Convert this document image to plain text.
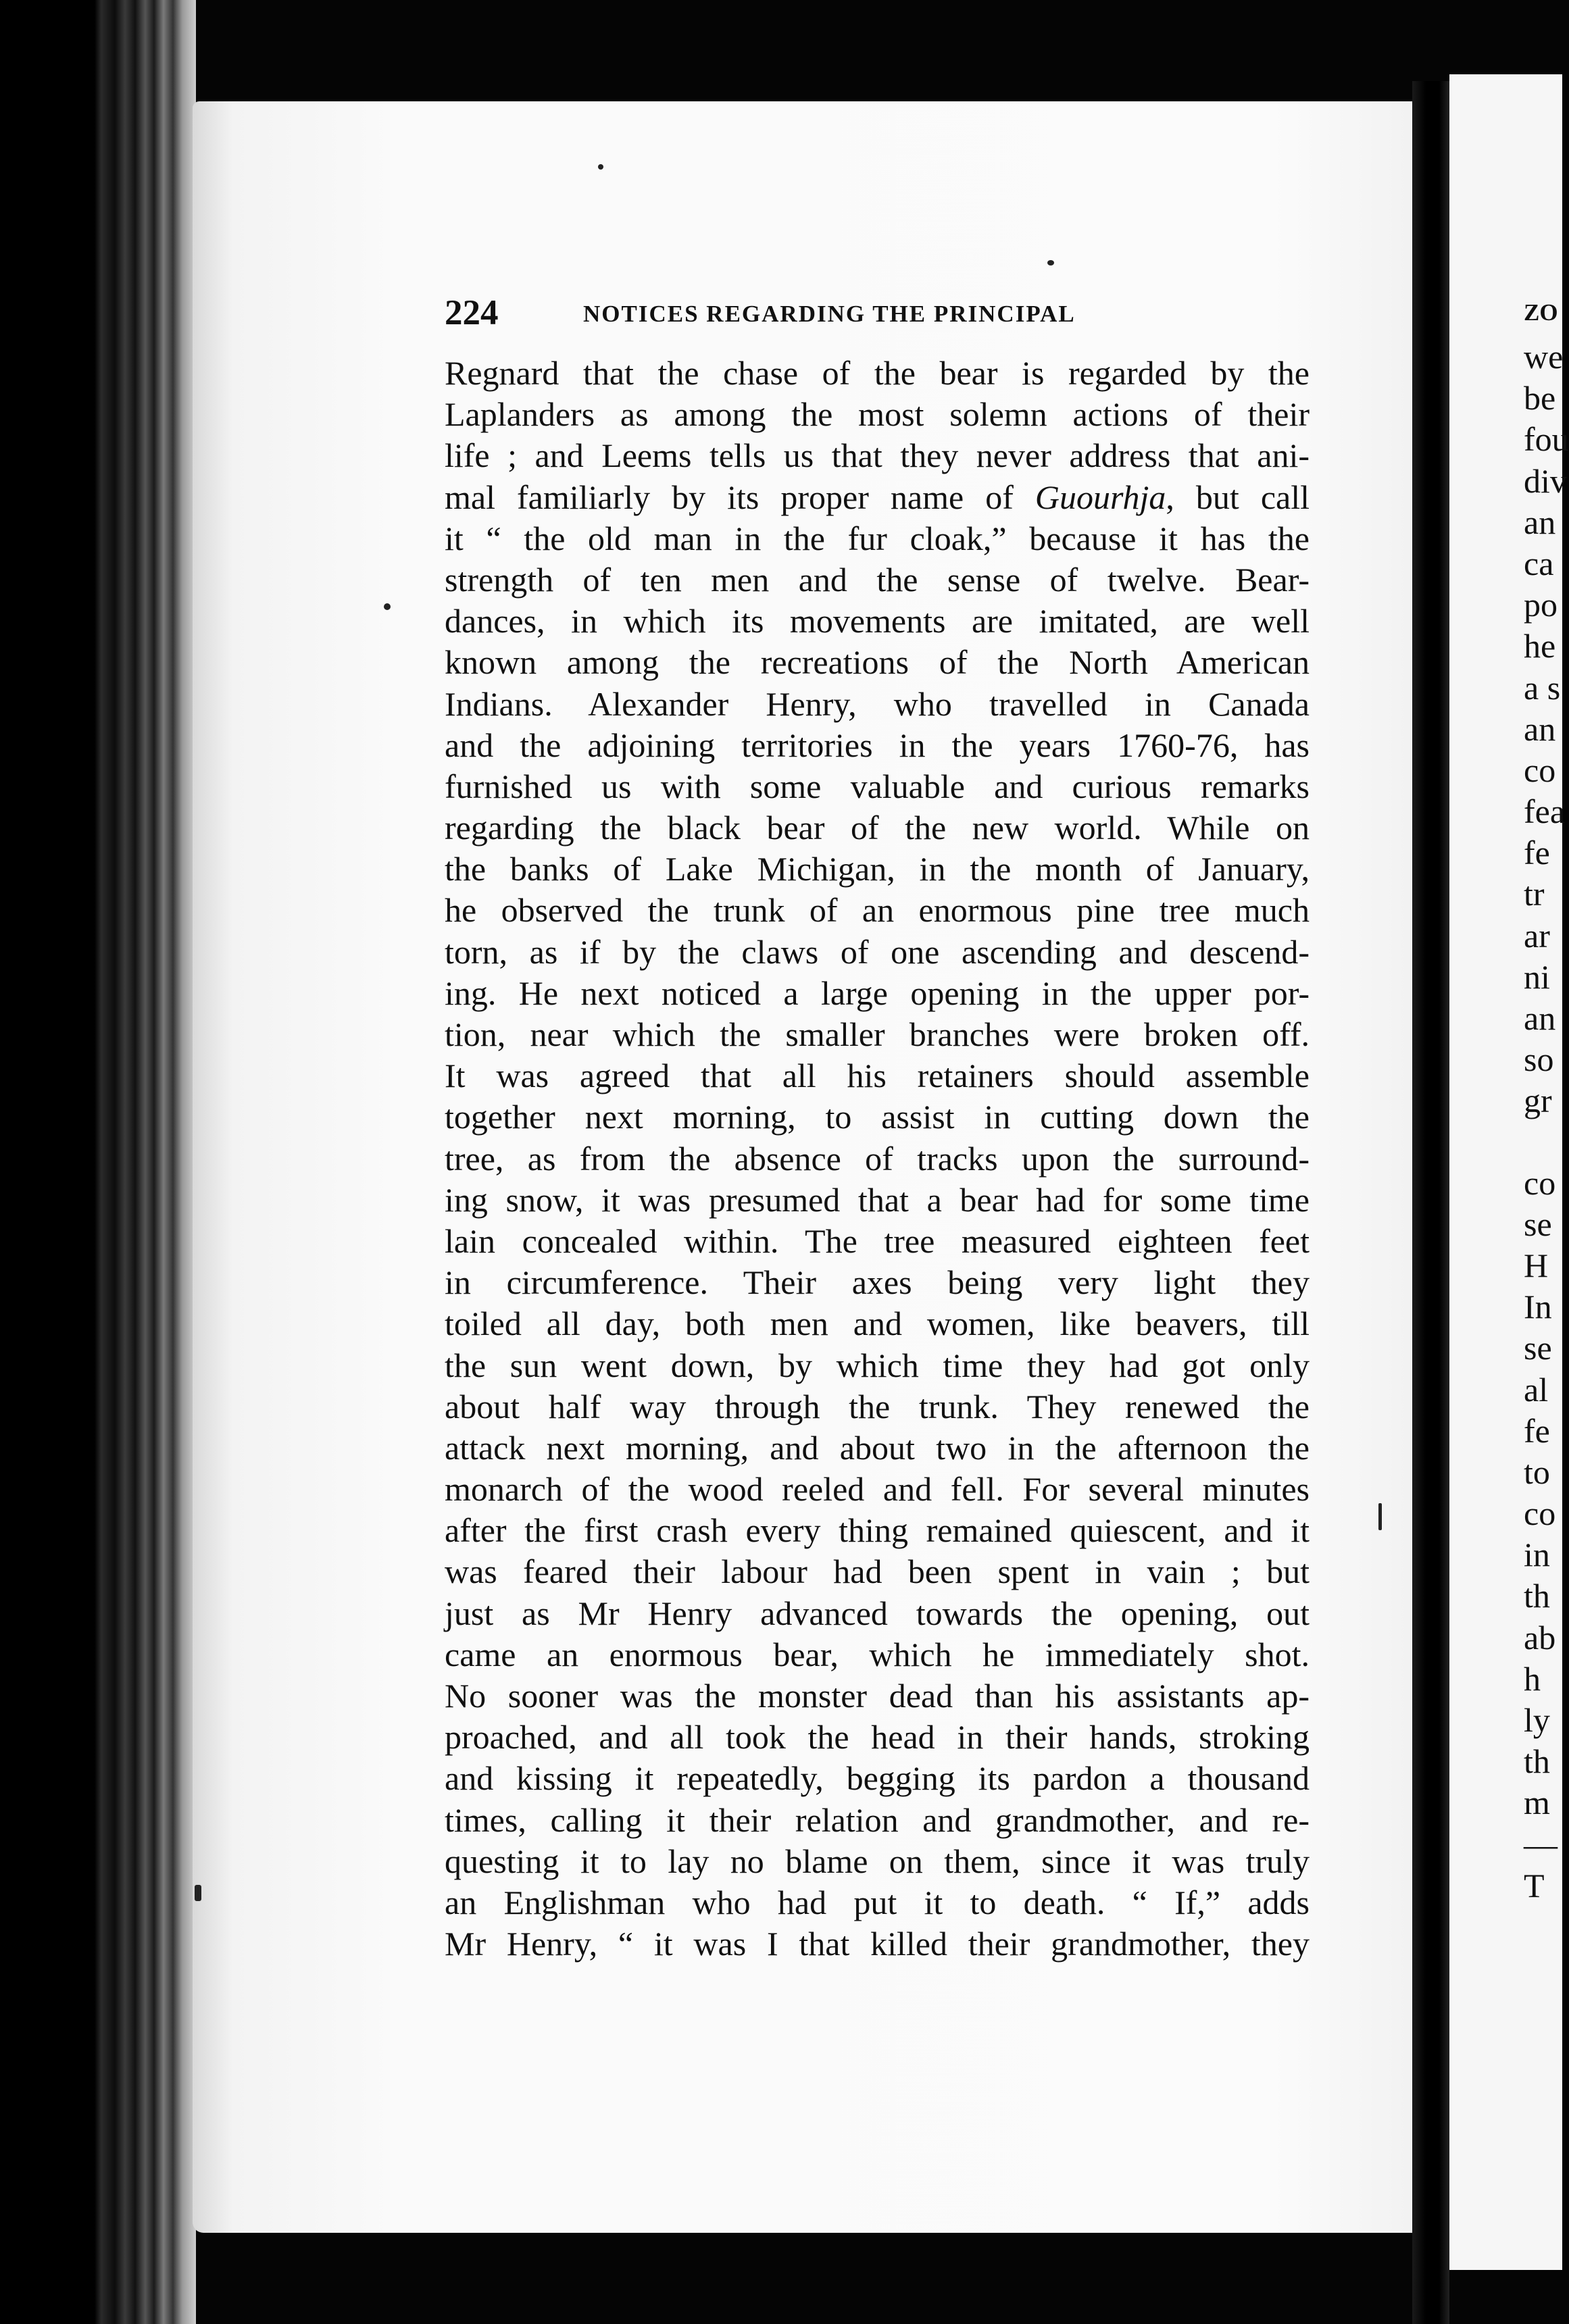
224	NOTICES REGARDING THE PRINCIPAL
Regnard that the chase of the bear is regarded by the
Laplanders as among the most solemn actions of their
life ; and Leems tells us that they never address that ani-
mal familiarly by its proper name of Guourhja, but call
it “ the old man in the fur cloak,” because it has the
strength of ten men and the sense of twelve. Bear-
dances, in which its movements are imitated, are well
known among the recreations of the North American
Indians. Alexander Henry, who travelled in Canada
and the adjoining territories in the years 1760-76, has
furnished us with some valuable and curious remarks
regarding the black bear of the new world. While on
the banks of Lake Michigan, in the month of January,
he observed the trunk of an enormous pine tree much
torn, as if by the claws of one ascending and descend-
ing. He next noticed a large opening in the upper por-
tion, near which the smaller branches were broken off.
It was agreed that all his retainers should assemble
together next morning, to assist in cutting down the
tree, as from the absence of tracks upon the surround-
ing snow, it was presumed that a bear had for some time
lain concealed within. The tree measured eighteen feet
in circumference. Their axes being very light they
toiled all day, both men and women, like beavers, till
the sun went down, by which time they had got only
about half way through the trunk. They renewed the
attack next morning, and about two in the afternoon the
monarch of the wood reeled and fell. For several minutes
after the first crash every thing remained quiescent, and it
was feared their labour had been spent in vain ; but
just as Mr Henry advanced towards the opening, out
came an enormous bear, which he immediately shot.
No sooner was the monster dead than his assistants ap-
proached, and all took the head in their hands, stroking
and kissing it repeatedly, begging its pardon a thousand
times, calling it their relation and grandmother, and re-
questing it to lay no blame on them, since it was truly
an Englishman who had put it to death. “ If,” adds
Mr Henry, “ it was I that killed their grandmother, they
ZO
we
be
fou
div
an
ca
po
he
a s
an
co
fea
fe
tr
ar
ni
an
so
gr
co
se
H
In
se
al
fe
to
co
in
th
ab
h
ly
th
m
—
T
